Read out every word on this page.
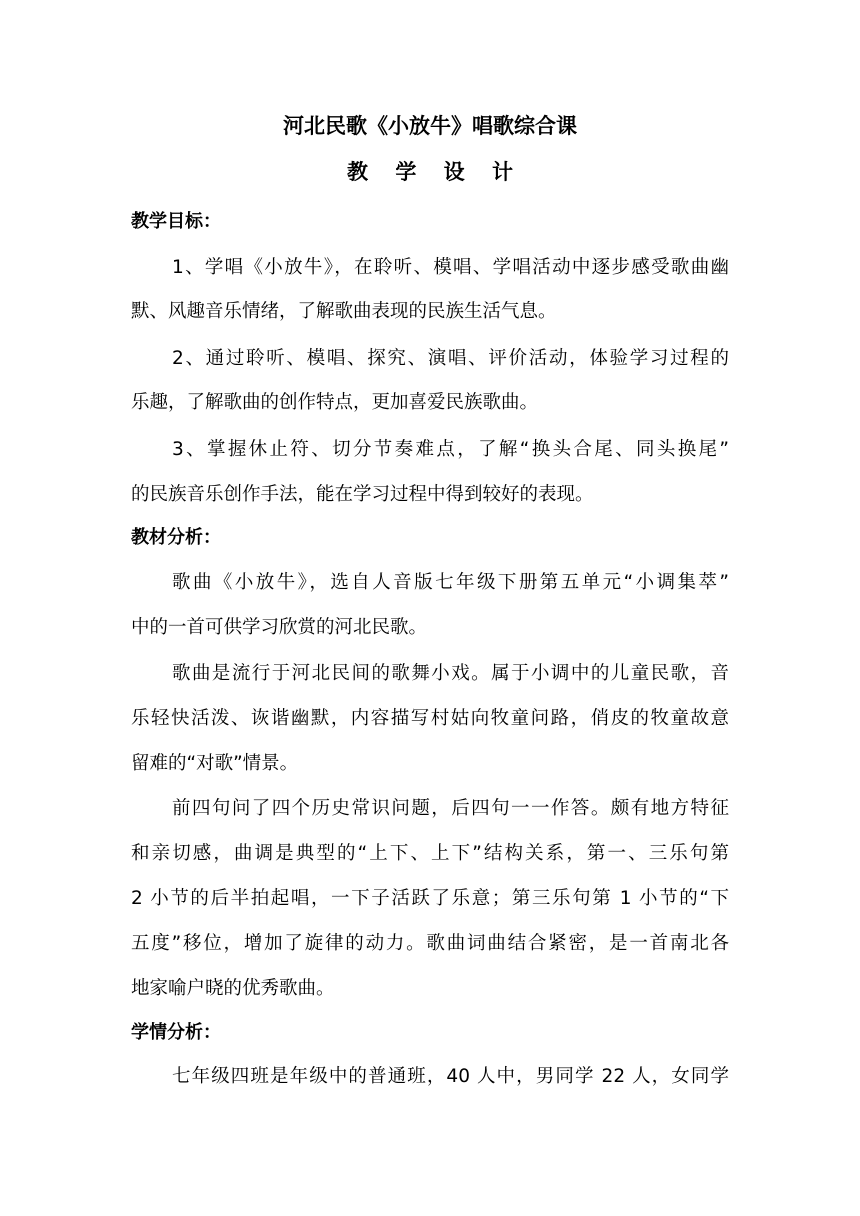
河北民歌《小放牛》唱歌综合课
教 学 设 计
教学目标：
1、学唱《小放牛》，在聆听、模唱、学唱活动中逐步感受歌曲幽
默、风趣音乐情绪，了解歌曲表现的民族生活气息。
2、通过聆听、模唱、探究、演唱、评价活动，体验学习过程的
乐趣，了解歌曲的创作特点，更加喜爱民族歌曲。
3、掌握休止符、切分节奏难点，了解“换头合尾、同头换尾”
的民族音乐创作手法，能在学习过程中得到较好的表现。
教材分析：
歌曲《小放牛》，选自人音版七年级下册第五单元“小调集萃”
中的一首可供学习欣赏的河北民歌。
歌曲是流行于河北民间的歌舞小戏。属于小调中的儿童民歌，音
乐轻快活泼、诙谐幽默，内容描写村姑向牧童问路，俏皮的牧童故意
留难的“对歌”情景。
前四句问了四个历史常识问题，后四句一一作答。颇有地方特征
和亲切感，曲调是典型的“上下、上下”结构关系，第一、三乐句第
2 小节的后半拍起唱，一下子活跃了乐意；第三乐句第 1 小节的“下
五度”移位，增加了旋律的动力。歌曲词曲结合紧密，是一首南北各
地家喻户晓的优秀歌曲。
学情分析：
七年级四班是年级中的普通班，40 人中，男同学 22 人，女同学
